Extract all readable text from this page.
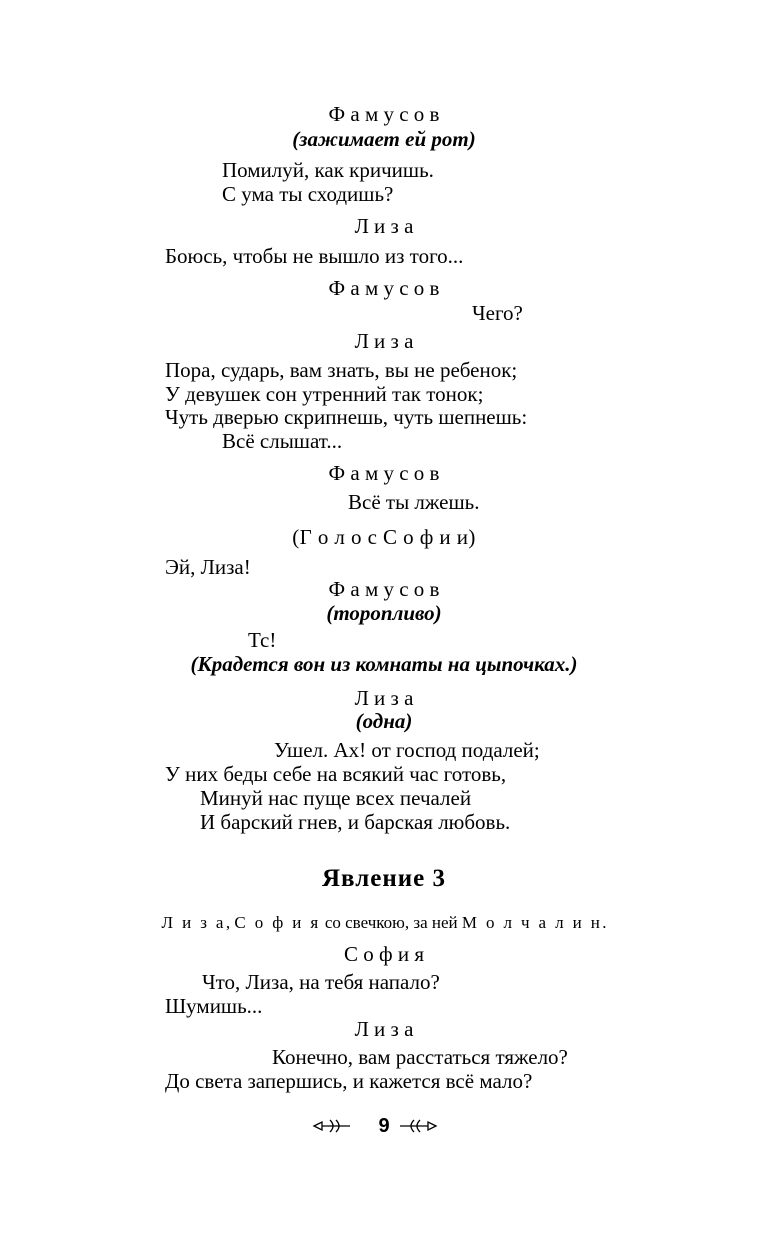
Ф а м у с о в
(зажимает ей рот)
Помилуй, как кричишь.
С ума ты сходишь?
Л и з а
Боюсь, чтобы не вышло из того...
Ф а м у с о в
Чего?
Л и з а
Пора, сударь, вам знать, вы не ребенок;
У девушек сон утренний так тонок;
Чуть дверью скрипнешь, чуть шепнешь:
Всё слышат...
Ф а м у с о в
Всё ты лжешь.
(Г о л о с С о ф и и)
Эй, Лиза!
Ф а м у с о в
(торопливо)
Тс!
(Крадется вон из комнаты на цыпочках.)
Л и з а
(одна)
Ушел. Ах! от господ подалей;
У них беды себе на всякий час готовь,
Минуй нас пуще всех печалей
И барский гнев, и барская любовь.
Явление 3
Л и з а, С о ф и я со свечкою, за ней М о л ч а л и н.
С о ф и я
Что, Лиза, на тебя напало?
Шумишь...
Л и з а
Конечно, вам расстаться тяжело?
До света запершись, и кажется всё мало?
9
